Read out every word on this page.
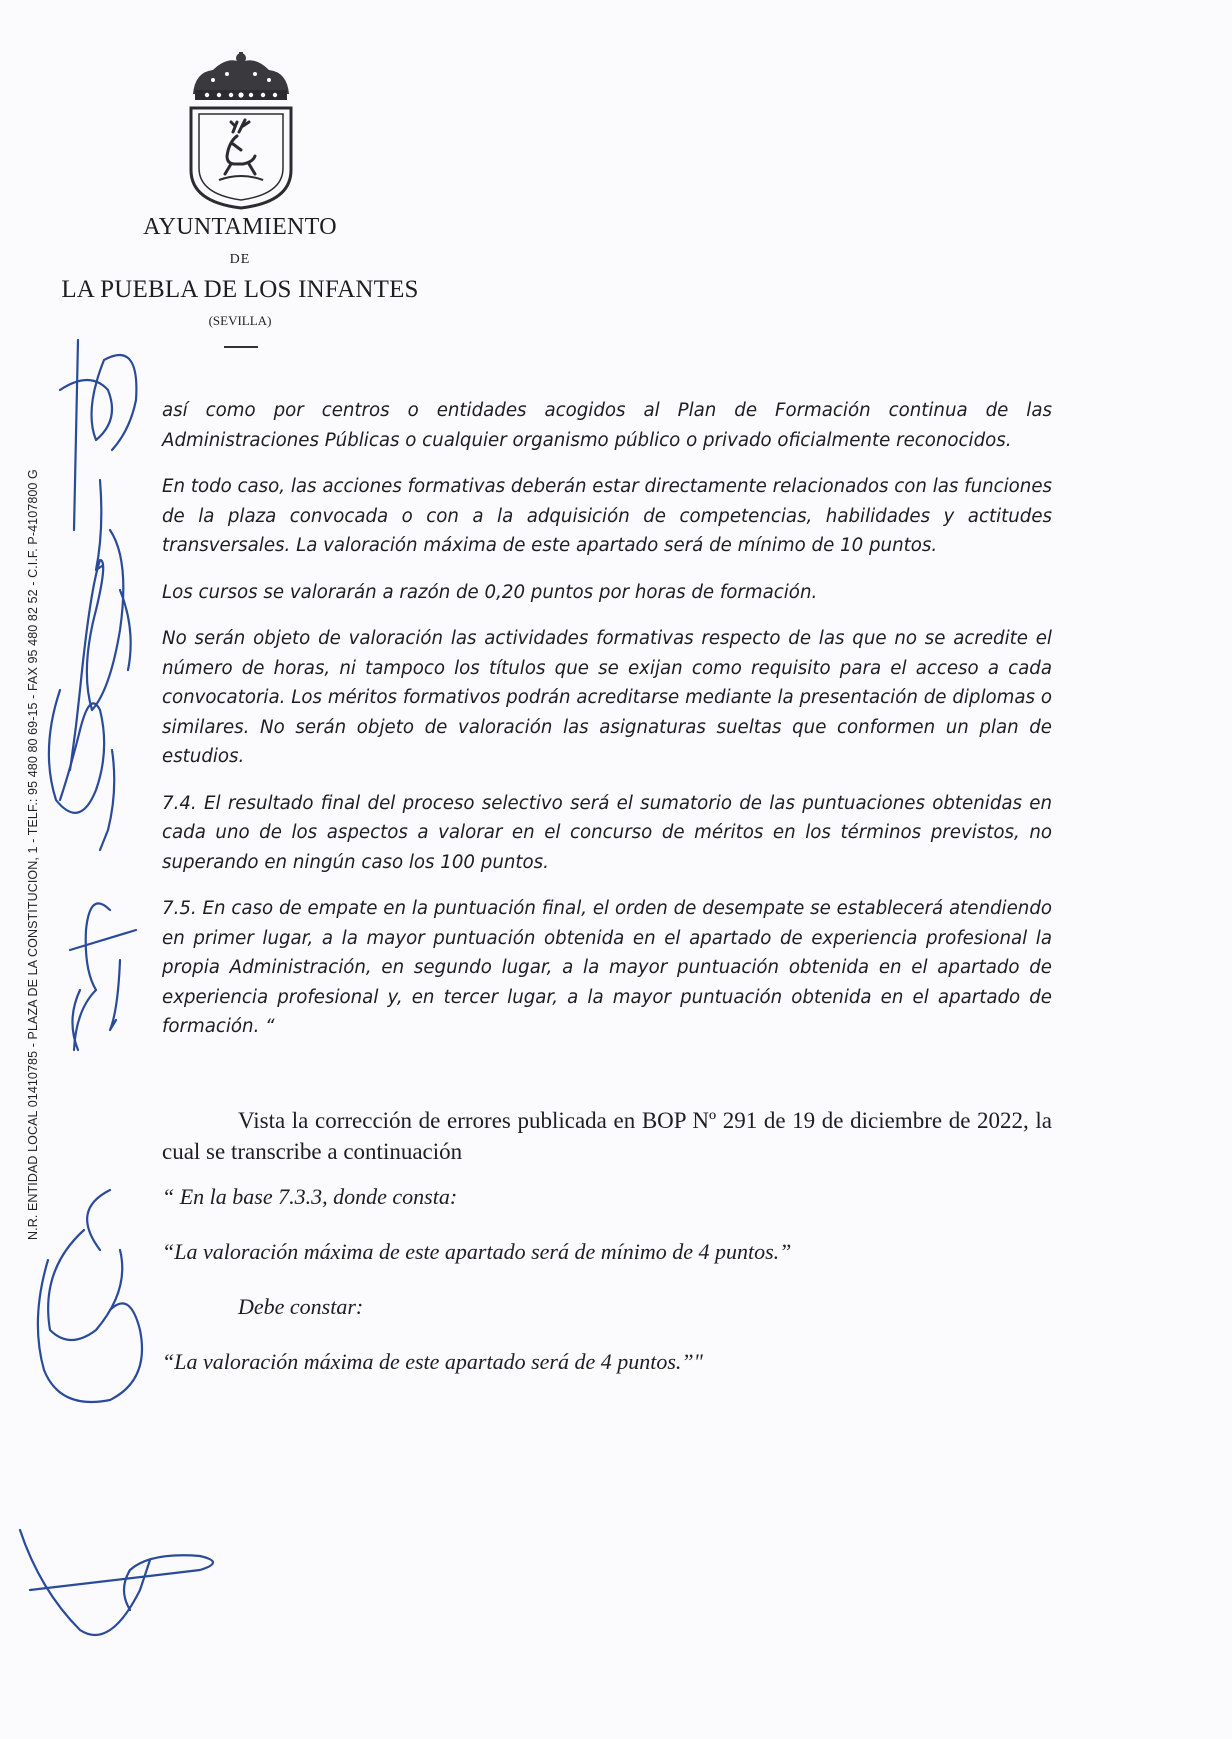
AYUNTAMIENTO
DE
LA PUEBLA DE LOS INFANTES
(SEVILLA)
N.R. ENTIDAD LOCAL 01410785 - PLAZA DE LA CONSTITUCION, 1 - TELF.: 95 480 80 69-15 - FAX 95 480 82 52 - C.I.F. P-4107800 G

así como por centros o entidades acogidos al Plan de Formación continua de las Administraciones Públicas o cualquier organismo público o privado oficialmente reconocidos.

En todo caso, las acciones formativas deberán estar directamente relacionados con las funciones de la plaza convocada o con a la adquisición de competencias, habilidades y actitudes transversales. La valoración máxima de este apartado será de mínimo de 10 puntos.

Los cursos se valorarán a razón de 0,20 puntos por horas de formación.

No serán objeto de valoración las actividades formativas respecto de las que no se acredite el número de horas, ni tampoco los títulos que se exijan como requisito para el acceso a cada convocatoria. Los méritos formativos podrán acreditarse mediante la presentación de diplomas o similares. No serán objeto de valoración las asignaturas sueltas que conformen un plan de estudios.

7.4. El resultado final del proceso selectivo será el sumatorio de las puntuaciones obtenidas en cada uno de los aspectos a valorar en el concurso de méritos en los términos previstos, no superando en ningún caso los 100 puntos.

7.5. En caso de empate en la puntuación final, el orden de desempate se establecerá atendiendo en primer lugar, a la mayor puntuación obtenida en el apartado de experiencia profesional la propia Administración, en segundo lugar, a la mayor puntuación obtenida en el apartado de experiencia profesional y, en tercer lugar, a la mayor puntuación obtenida en el apartado de formación. “

Vista la corrección de errores publicada en BOP Nº 291 de 19 de diciembre de 2022, la cual se transcribe a continuación

“ En la base 7.3.3, donde consta:

“La valoración máxima de este apartado será de mínimo de 4 puntos.”

Debe constar:

“La valoración máxima de este apartado será de 4 puntos.”"
